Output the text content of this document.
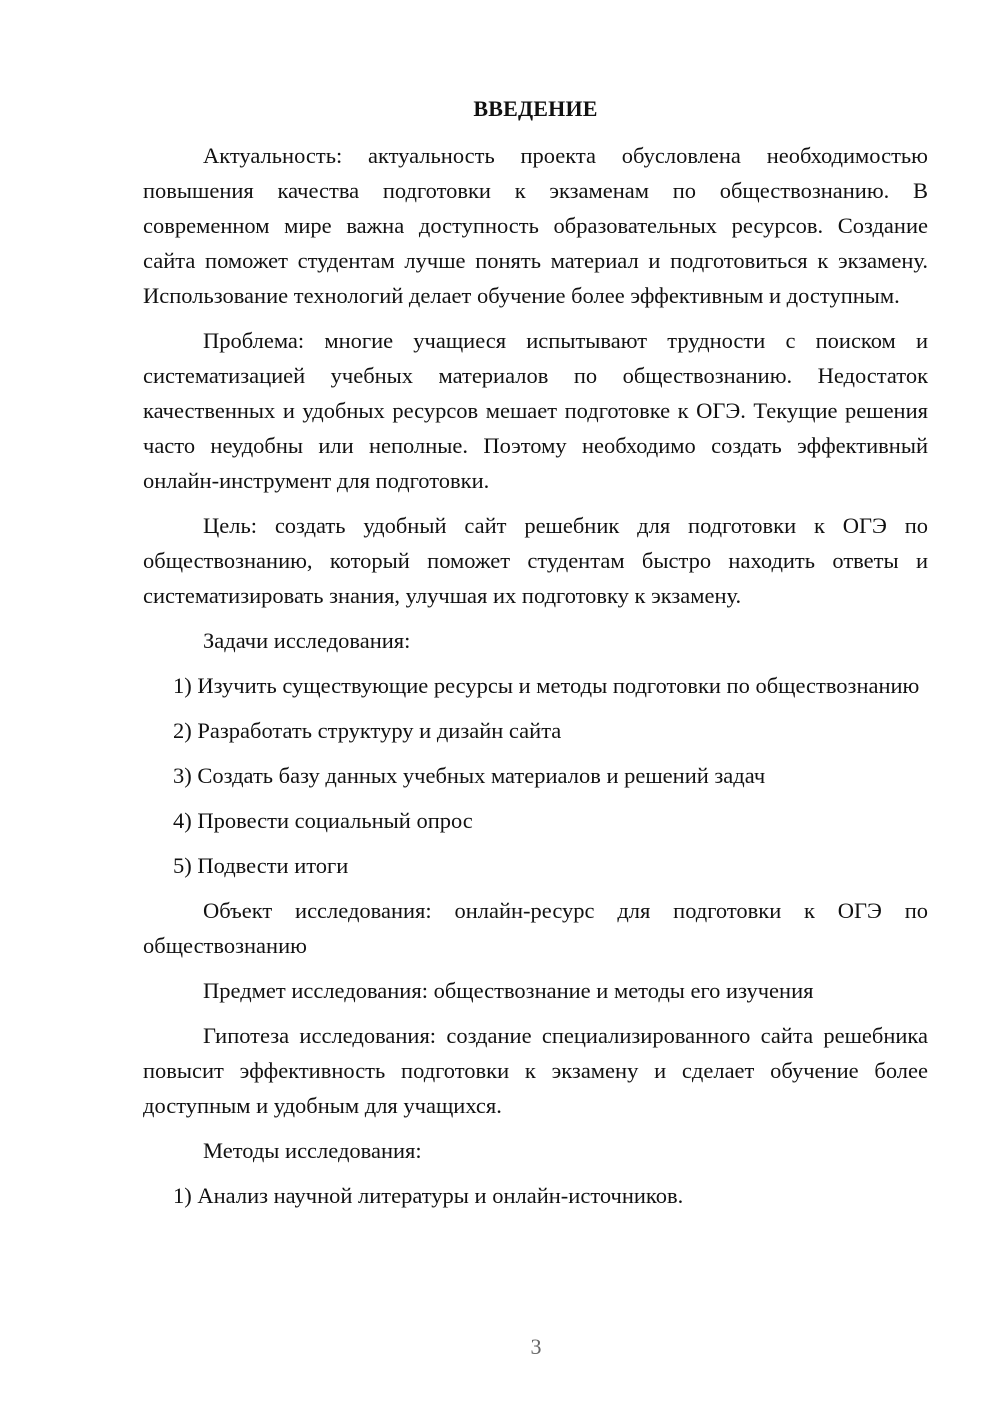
ВВЕДЕНИЕ

Актуальность: актуальность проекта обусловлена необходимостью повышения качества подготовки к экзаменам по обществознанию. В современном мире важна доступность образовательных ресурсов. Создание сайта поможет студентам лучше понять материал и подготовиться к экзамену. Использование технологий делает обучение более эффективным и доступным.

Проблема: многие учащиеся испытывают трудности с поиском и систематизацией учебных материалов по обществознанию. Недостаток качественных и удобных ресурсов мешает подготовке к ОГЭ. Текущие решения часто неудобны или неполные. Поэтому необходимо создать эффективный онлайн-инструмент для подготовки.

Цель: создать удобный сайт решебник для подготовки к ОГЭ по обществознанию, который поможет студентам быстро находить ответы и систематизировать знания, улучшая их подготовку к экзамену.

Задачи исследования:

1) Изучить существующие ресурсы и методы подготовки по обществознанию

2) Разработать структуру и дизайн сайта

3) Создать базу данных учебных материалов и решений задач

4) Провести социальный опрос

5) Подвести итоги

Объект исследования: онлайн-ресурс для подготовки к ОГЭ по обществознанию

Предмет исследования: обществознание и методы его изучения

Гипотеза исследования: создание специализированного сайта решебника повысит эффективность подготовки к экзамену и сделает обучение более доступным и удобным для учащихся.

Методы исследования:

1) Анализ научной литературы и онлайн-источников.

3
